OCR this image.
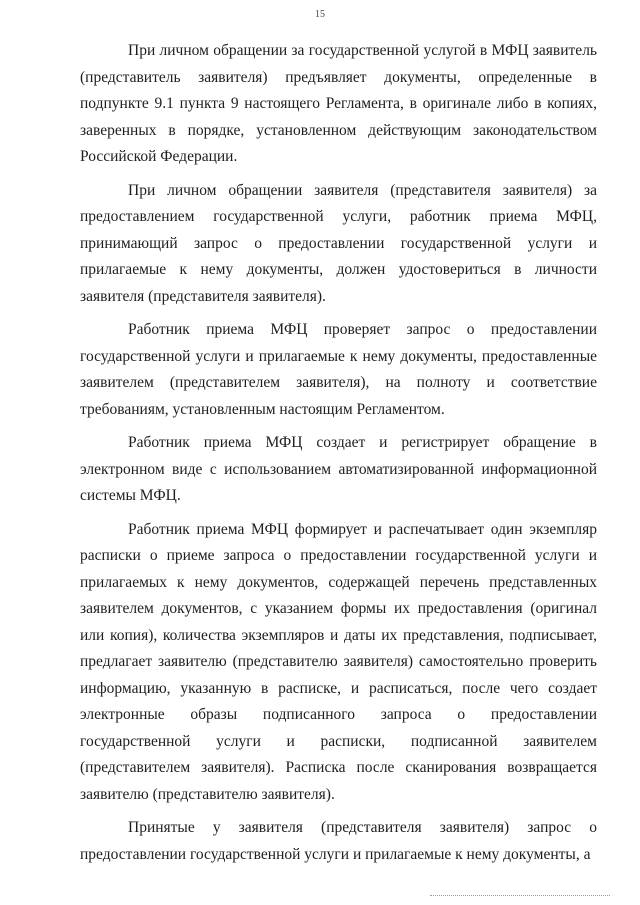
15

При личном обращении за государственной услугой в МФЦ заявитель (представитель заявителя) предъявляет документы, определенные в подпункте 9.1 пункта 9 настоящего Регламента, в оригинале либо в копиях, заверенных в порядке, установленном действующим законодательством Российской Федерации.

При личном обращении заявителя (представителя заявителя) за предоставлением государственной услуги, работник приема МФЦ, принимающий запрос о предоставлении государственной услуги и прилагаемые к нему документы, должен удостовериться в личности заявителя (представителя заявителя).

Работник приема МФЦ проверяет запрос о предоставлении государственной услуги и прилагаемые к нему документы, предоставленные заявителем (представителем заявителя), на полноту и соответствие требованиям, установленным настоящим Регламентом.

Работник приема МФЦ создает и регистрирует обращение в электронном виде с использованием автоматизированной информационной системы МФЦ.

Работник приема МФЦ формирует и распечатывает один экземпляр расписки о приеме запроса о предоставлении государственной услуги и прилагаемых к нему документов, содержащей перечень представленных заявителем документов, с указанием формы их предоставления (оригинал или копия), количества экземпляров и даты их представления, подписывает, предлагает заявителю (представителю заявителя) самостоятельно проверить информацию, указанную в расписке, и расписаться, после чего создает электронные образы подписанного запроса о предоставлении государственной услуги и расписки, подписанной заявителем (представителем заявителя). Расписка после сканирования возвращается заявителю (представителю заявителя).

Принятые у заявителя (представителя заявителя) запрос о предоставлении государственной услуги и прилагаемые к нему документы, а
